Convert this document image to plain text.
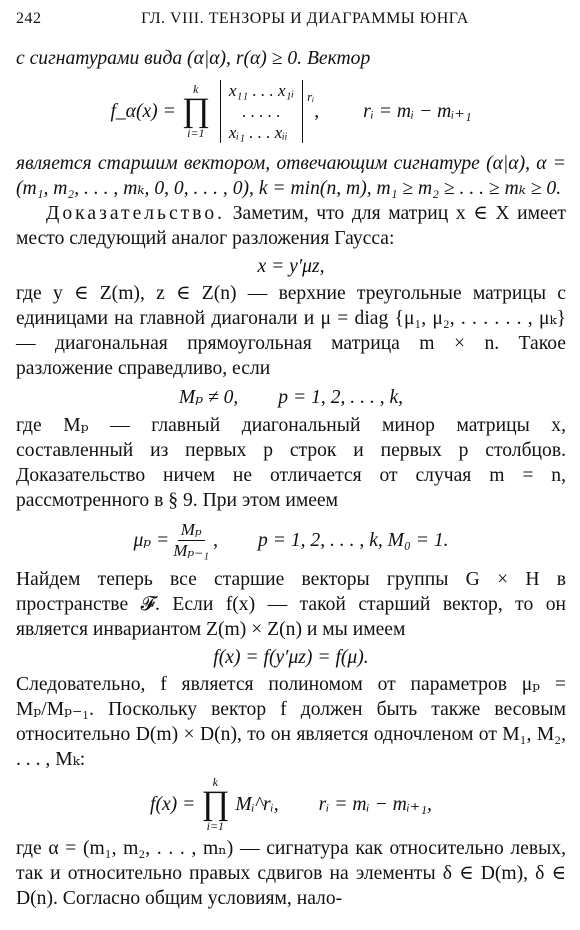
242	ГЛ. VIII. ТЕНЗОРЫ И ДИАГРАММЫ ЮНГА

с сигнатурами вида (α|α), r(α) ≥ 0. Вектор

f_α(x) =
k
∏
i=1
x₁₁ . . . x₁ᵢ
. . . . .
xᵢ₁ . . . xᵢᵢ
rᵢ
, rᵢ = mᵢ − mᵢ₊₁

является старшим вектором, отвечающим сигнатуре (α|α), α = (m₁, m₂, . . . , mₖ, 0, 0, . . . , 0), k = min(n, m), m₁ ≥ m₂ ≥ . . . ≥ mₖ ≥ 0.

Доказательство. Заметим, что для матриц x ∈ X имеет место следующий аналог разложения Гаусса:

x = y′μz,

где y ∈ Z(m), z ∈ Z(n) — верхние треугольные матрицы с единицами на главной диагонали и μ = diag {μ₁, μ₂, . . . . . . , μₖ} — диагональная прямоугольная матрица m × n. Такое разложение справедливо, если

Mₚ ≠ 0, p = 1, 2, . . . , k,

где Mₚ — главный диагональный минор матрицы x, составленный из первых p строк и первых p столбцов. Доказательство ничем не отличается от случая m = n, рассмотренного в § 9. При этом имеем

$\mu_p = \frac{\text{Mₚ}}{\text{Mₚ₋₁}}$ , p = 1, 2, . . . , k, M₀ = 1.

Найдем теперь все старшие векторы группы G × H в пространстве 𝓕. Если f(x) — такой старший вектор, то он является инвариантом Z(m) × Z(n) и мы имеем

f(x) = f(y′μz) = f(μ).

Следовательно, f является полиномом от параметров μₚ = Mₚ/Mₚ₋₁. Поскольку вектор f должен быть также весовым относительно D(m) × D(n), то он является одночленом от M₁, M₂, . . . , Mₖ:

f(x) =
k
∏
i=1
Mᵢ^rᵢ, rᵢ = mᵢ − mᵢ₊₁,

где α = (m₁, m₂, . . . , mₙ) — сигнатура как относительно левых, так и относительно правых сдвигов на элементы δ ∈ D(m), δ ∈ D(n). Согласно общим условиям, нало-
